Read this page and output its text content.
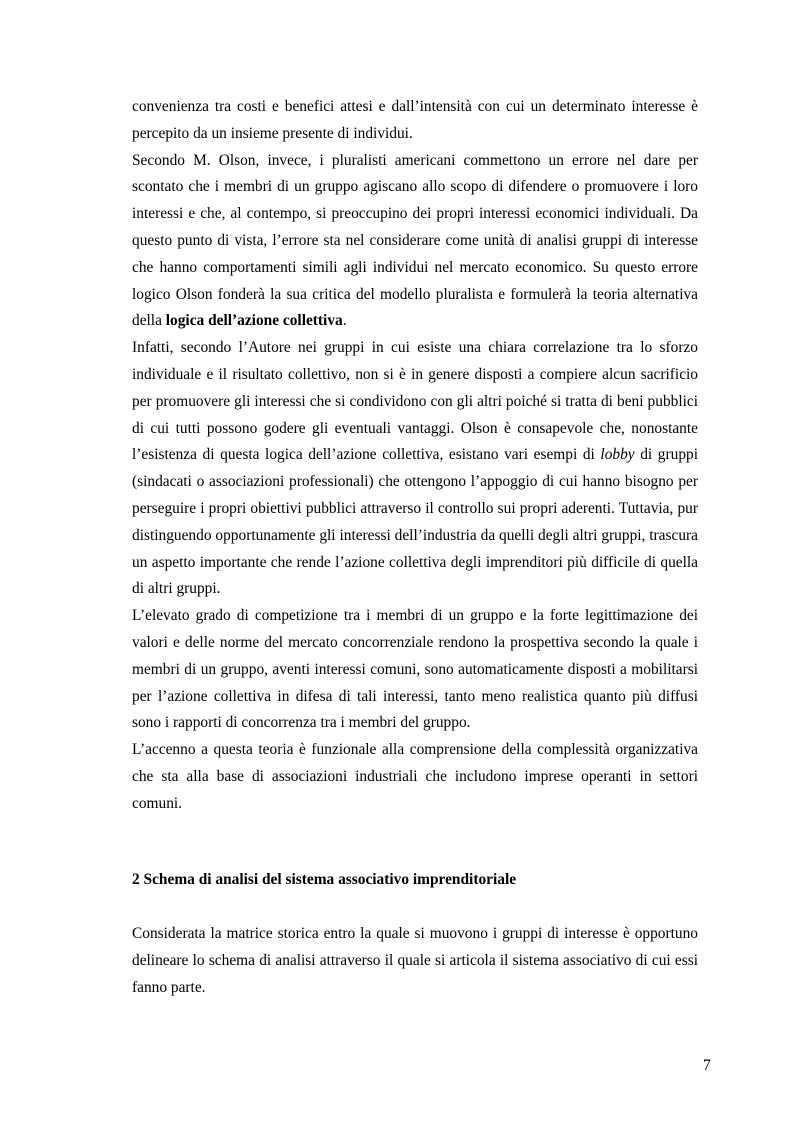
convenienza tra costi e benefici attesi e dall’intensità con cui un determinato interesse è percepito da un insieme presente di individui.

Secondo M. Olson, invece, i pluralisti americani commettono un errore nel dare per scontato che i membri di un gruppo agiscano allo scopo di difendere o promuovere i loro interessi e che, al contempo, si preoccupino dei propri interessi economici individuali. Da questo punto di vista, l’errore sta nel considerare come unità di analisi gruppi di interesse che hanno comportamenti simili agli individui nel mercato economico. Su questo errore logico Olson fonderà la sua critica del modello pluralista e formulerà la teoria alternativa della logica dell’azione collettiva.

Infatti, secondo l’Autore nei gruppi in cui esiste una chiara correlazione tra lo sforzo individuale e il risultato collettivo, non si è in genere disposti a compiere alcun sacrificio per promuovere gli interessi che si condividono con gli altri poiché si tratta di beni pubblici di cui tutti possono godere gli eventuali vantaggi. Olson è consapevole che, nonostante l’esistenza di questa logica dell’azione collettiva, esistano vari esempi di lobby di gruppi (sindacati o associazioni professionali) che ottengono l’appoggio di cui hanno bisogno per perseguire i propri obiettivi pubblici attraverso il controllo sui propri aderenti. Tuttavia, pur distinguendo opportunamente gli interessi dell’industria da quelli degli altri gruppi, trascura un aspetto importante che rende l’azione collettiva degli imprenditori più difficile di quella di altri gruppi.

L’elevato grado di competizione tra i membri di un gruppo e la forte legittimazione dei valori e delle norme del mercato concorrenziale rendono la prospettiva secondo la quale i membri di un gruppo, aventi interessi comuni, sono automaticamente disposti a mobilitarsi per l’azione collettiva in difesa di tali interessi, tanto meno realistica quanto più diffusi sono i rapporti di concorrenza tra i membri del gruppo.

L’accenno a questa teoria è funzionale alla comprensione della complessità organizzativa che sta alla base di associazioni industriali che includono imprese operanti in settori comuni.

2 Schema di analisi del sistema associativo imprenditoriale

Considerata la matrice storica entro la quale si muovono i gruppi di interesse è opportuno delineare lo schema di analisi attraverso il quale si articola il sistema associativo di cui essi fanno parte.

7
